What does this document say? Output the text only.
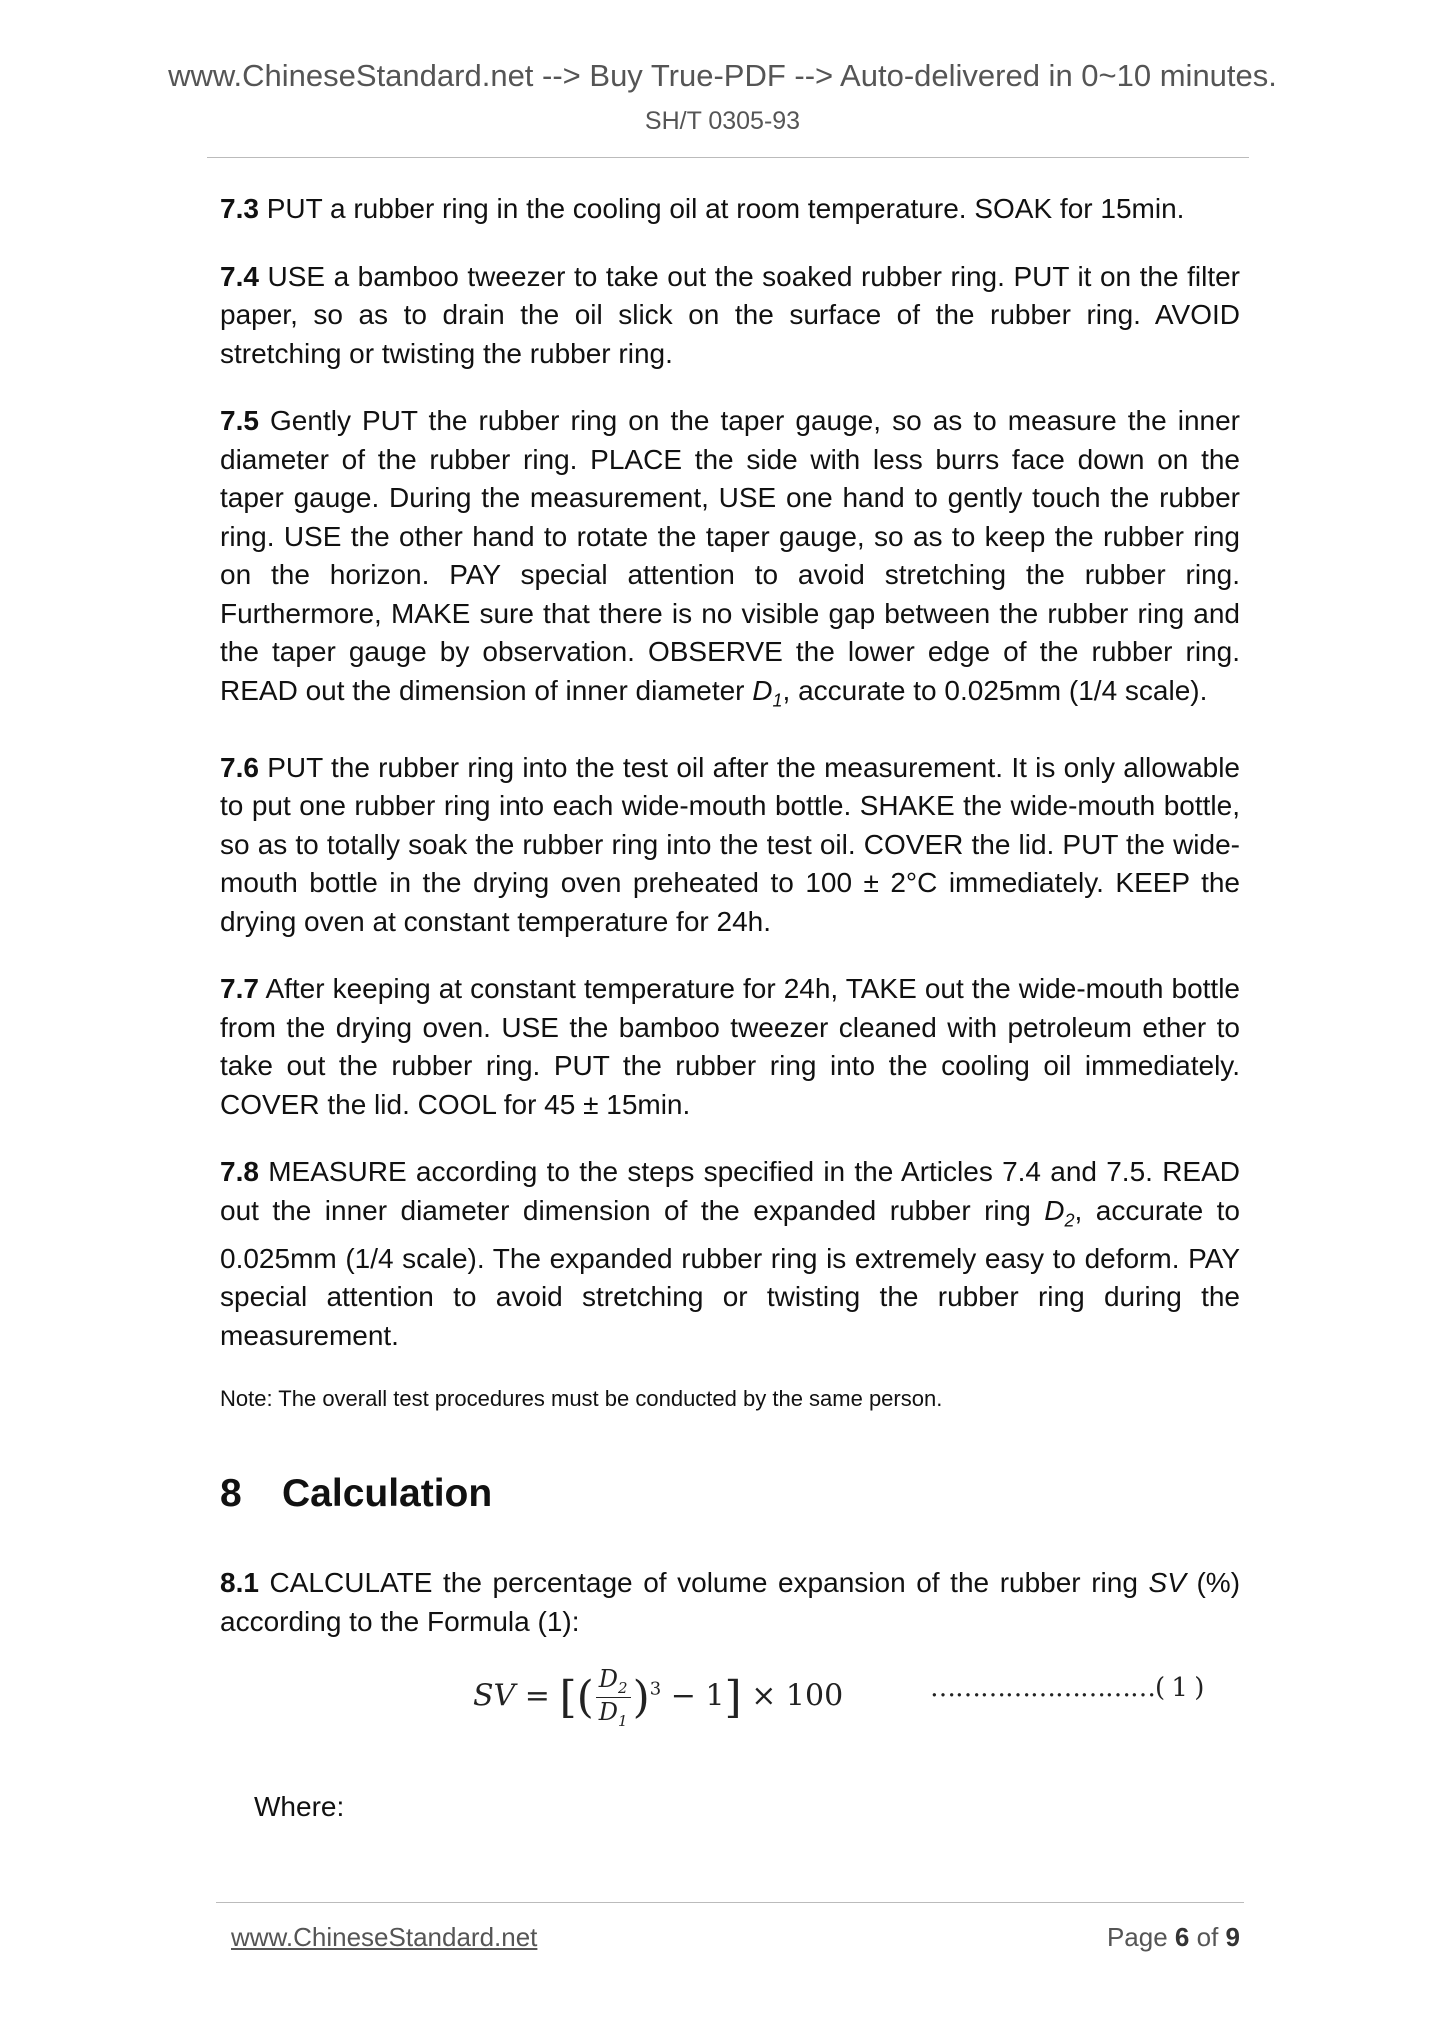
www.ChineseStandard.net --> Buy True-PDF --> Auto-delivered in 0~10 minutes.
SH/T 0305-93

7.3 PUT a rubber ring in the cooling oil at room temperature. SOAK for 15min.

7.4 USE a bamboo tweezer to take out the soaked rubber ring. PUT it on the filter paper, so as to drain the oil slick on the surface of the rubber ring. AVOID stretching or twisting the rubber ring.

7.5 Gently PUT the rubber ring on the taper gauge, so as to measure the inner diameter of the rubber ring. PLACE the side with less burrs face down on the taper gauge. During the measurement, USE one hand to gently touch the rubber ring. USE the other hand to rotate the taper gauge, so as to keep the rubber ring on the horizon. PAY special attention to avoid stretching the rubber ring. Furthermore, MAKE sure that there is no visible gap between the rubber ring and the taper gauge by observation. OBSERVE the lower edge of the rubber ring. READ out the dimension of inner diameter $D_1$, accurate to 0.025mm (1/4 scale).

7.6 PUT the rubber ring into the test oil after the measurement. It is only allowable to put one rubber ring into each wide-mouth bottle. SHAKE the wide-mouth bottle, so as to totally soak the rubber ring into the test oil. COVER the lid. PUT the wide-mouth bottle in the drying oven preheated to 100 ± 2°C immediately. KEEP the drying oven at constant temperature for 24h.

7.7 After keeping at constant temperature for 24h, TAKE out the wide-mouth bottle from the drying oven. USE the bamboo tweezer cleaned with petroleum ether to take out the rubber ring. PUT the rubber ring into the cooling oil immediately. COVER the lid. COOL for 45 ± 15min.

7.8 MEASURE according to the steps specified in the Articles 7.4 and 7.5. READ out the inner diameter dimension of the expanded rubber ring $D_2$, accurate to 0.025mm (1/4 scale). The expanded rubber ring is extremely easy to deform. PAY special attention to avoid stretching or twisting the rubber ring during the measurement.

Note: The overall test procedures must be conducted by the same person.

8 Calculation

8.1 CALCULATE the percentage of volume expansion of the rubber ring SV (%) according to the Formula (1):

SV = [( $\frac{D_2}{D_1} )^3 - 1] \times 100$	………………………( 1 )

Where:

www.ChineseStandard.net	Page 6 of 9
